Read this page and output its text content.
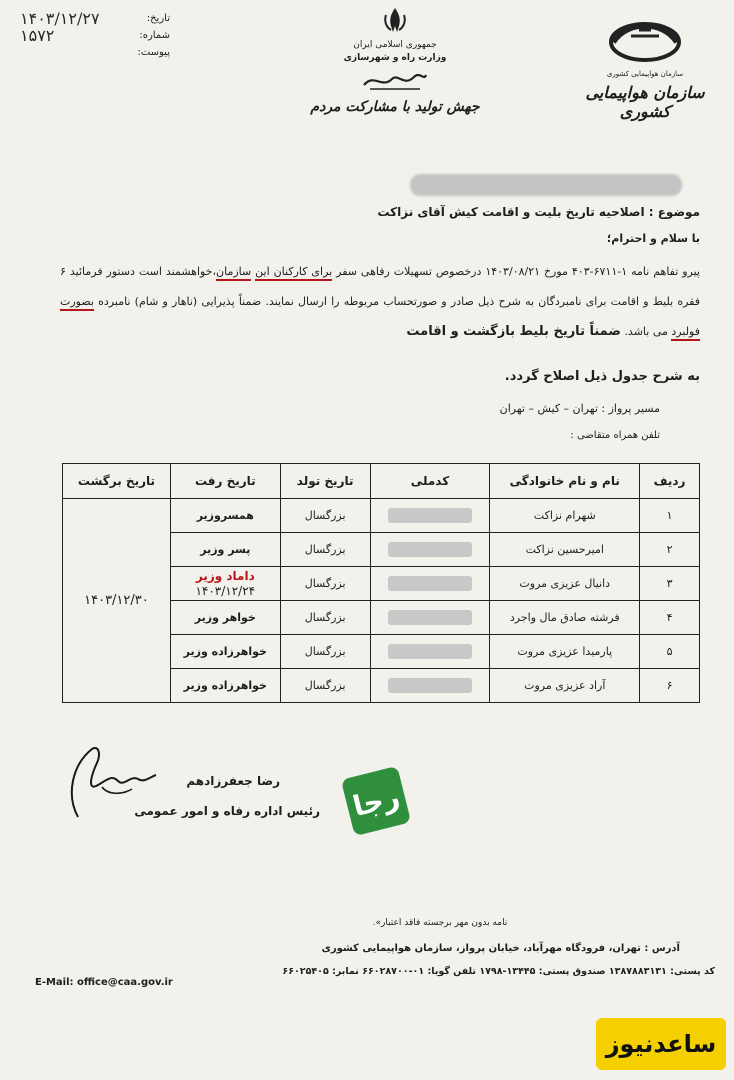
تاریخ:
۱۴۰۳/۱۲/۲۷
شماره:
۱۵۷۲
پیوست:
جمهوری اسلامی ایران
وزارت راه و شهرسازی
جهش تولید با مشارکت مردم
سازمان هواپیمایی کشوری
سازمان هواپیمایی کشوری
موضوع : اصلاحیه تاریخ بلیت و اقامت کیش آقای نزاکت
با سلام و احترام؛
پیرو تفاهم نامه ۱-۶۷۱۱-۴۰۳ مورخ ۱۴۰۳/۰۸/۲۱ درخصوص تسهیلات رفاهی سفر برای کارکنان این سازمان،خواهشمند است دستور فرمائید ۶ فقره بلیط و اقامت برای نامبردگان به شرح ذیل صادر و صورتحساب مربوطه را ارسال نمایند. ضمناً پذیرایی (ناهار و شام) نامبرده بصورت فولبرد می باشد. ضمناً تاریخ بلیط بازگشت و اقامت
به شرح جدول ذیل اصلاح گردد.
مسیر پرواز : تهران – کیش – تهران
تلفن همراه متقاضی :
ردیف	نام و نام خانوادگی	کدملی	تاریخ تولد	تاریخ رفت	تاریخ برگشت
۱	شهرام نزاکت		بزرگسال	همسروزیر	۱۴۰۳/۱۲/۳۰
۲	امیرحسین نزاکت		بزرگسال	پسر وزیر	
۳	دانیال عزیزی مروت		بزرگسال	داماد وزیر
۱۴۰۳/۱۲/۲۴	

۴	فرشته صادق مال واجرد		بزرگسال	خواهر وزیر	
۵	پارمیدا عزیزی مروت		بزرگسال	خواهرزاده وزیر	
۶	آراد عزیزی مروت		بزرگسال	خواهرزاده وزیر	
رضا جعفرزادهم
رئیس اداره رفاه و امور عمومی رجا
نامه بدون مهر برجسته فاقد اعتبار».
آدرس : تهران، فرودگاه مهرآباد، خیابان پرواز، سازمان هواپیمایی کشوری
کد پستی: ۱۳۸۷۸۸۳۱۳۱ صندوق پستی: ۱۳۴۴۵-۱۷۹۸ تلفن گویا: ۰۱-۶۶۰۲۸۷۰۰ نمابر: ۶۶۰۲۵۴۰۵
E-Mail: office@caa.gov.ir
ساعدنیوز
